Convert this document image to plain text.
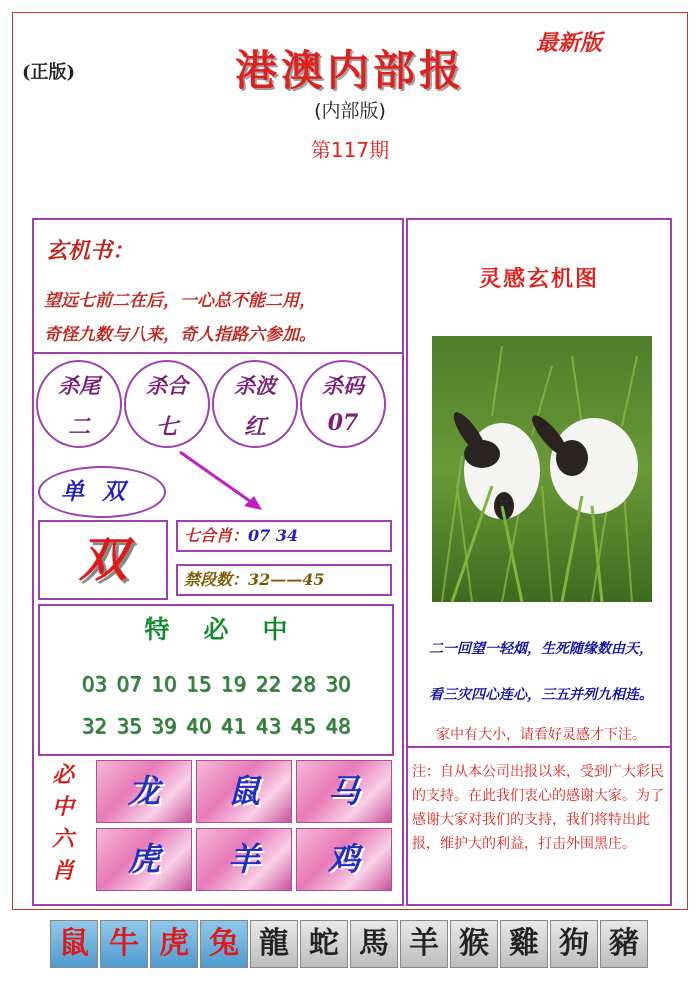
(正版)
最新版
港澳内部报
(内部版)
第117期
玄机书：
望远七前二在后，一心总不能二用，
奇怪九数与八来，奇人指路六参加。
杀尾
二
杀合
七
杀波
红
杀码
07
单双
双	七合肖：07 34
禁段数：32——45
特必中
03 07 10 15 19 22 28 30
32 35 39 40 41 43 45 48
必
中
六
肖
龙	鼠	马
虎	羊	鸡
灵感玄机图
二一回望一轻烟，生死随缘数由天，
看三灾四心连心，三五并列九相连。
家中有大小，请看好灵感才下注。
注：自从本公司出报以来，受到广大彩民的支持。在此我们衷心的感谢大家。为了感谢大家对我们的支持，我们将特出此报，维护大的利益，打击外围黑庄。
鼠 牛 虎 兔 龍 蛇 馬 羊 猴 雞 狗 豬
